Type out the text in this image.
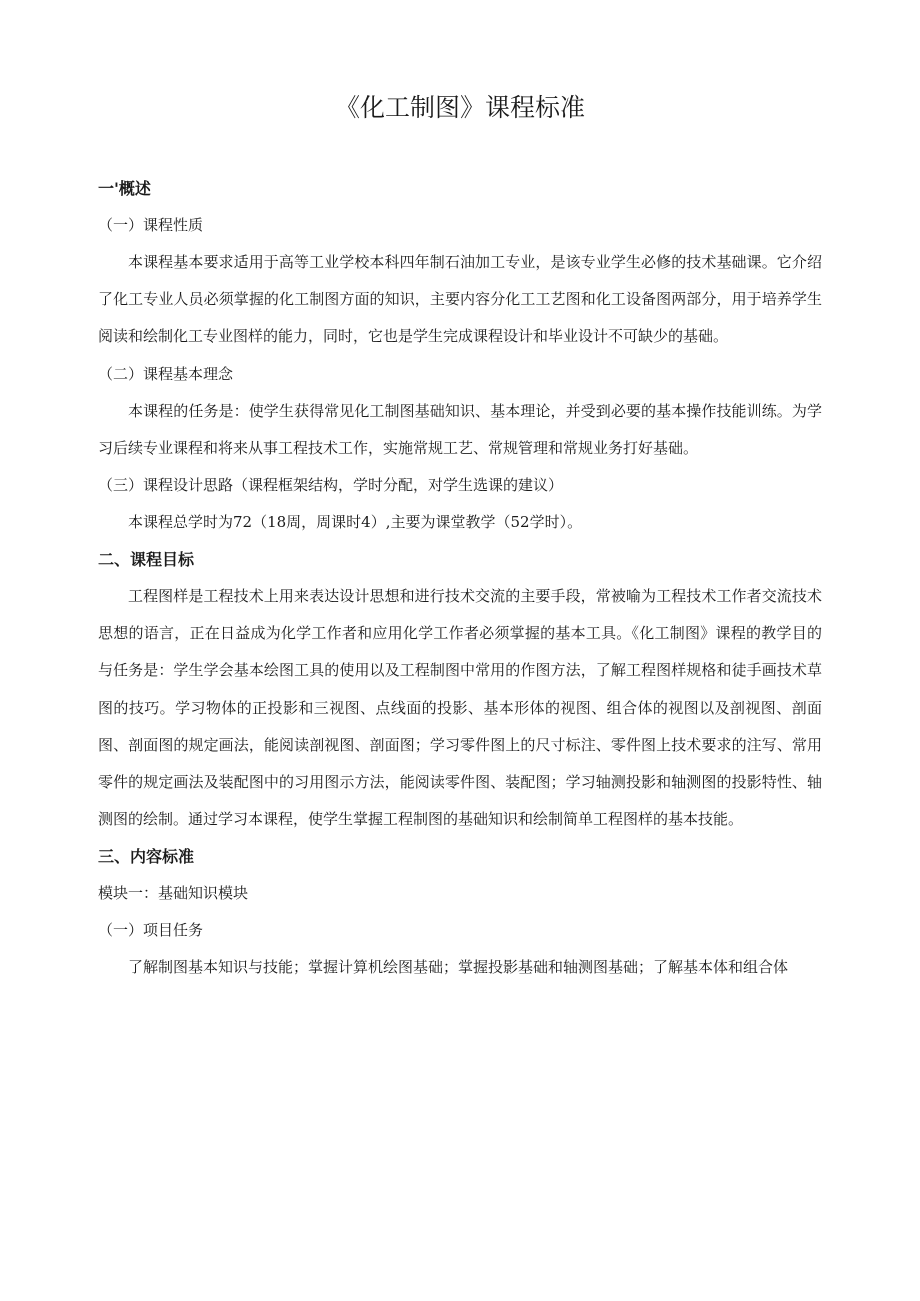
《化工制图》课程标准
一'概述
（一）课程性质

本课程基本要求适用于高等工业学校本科四年制石油加工专业，是该专业学生必修的技术基础课。它介绍了化工专业人员必须掌握的化工制图方面的知识，主要内容分化工工艺图和化工设备图两部分，用于培养学生阅读和绘制化工专业图样的能力，同时，它也是学生完成课程设计和毕业设计不可缺少的基础。

（二）课程基本理念

本课程的任务是：使学生获得常见化工制图基础知识、基本理论，并受到必要的基本操作技能训练。为学习后续专业课程和将来从事工程技术工作，实施常规工艺、常规管理和常规业务打好基础。

（三）课程设计思路（课程框架结构，学时分配，对学生选课的建议）
本课程总学时为72（18周，周课时4）,主要为课堂教学（52学时）。
二、课程目标

工程图样是工程技术上用来表达设计思想和进行技术交流的主要手段，常被喻为工程技术工作者交流技术思想的语言，正在日益成为化学工作者和应用化学工作者必须掌握的基本工具。《化工制图》课程的教学目的与任务是：学生学会基本绘图工具的使用以及工程制图中常用的作图方法，了解工程图样规格和徒手画技术草图的技巧。学习物体的正投影和三视图、点线面的投影、基本形体的视图、组合体的视图以及剖视图、剖面图、剖面图的规定画法，能阅读剖视图、剖面图；学习零件图上的尺寸标注、零件图上技术要求的注写、常用零件的规定画法及装配图中的习用图示方法，能阅读零件图、装配图；学习轴测投影和轴测图的投影特性、轴测图的绘制。通过学习本课程，使学生掌握工程制图的基础知识和绘制简单工程图样的基本技能。

三、内容标准
模块一：基础知识模块
（一）项目任务

了解制图基本知识与技能；掌握计算机绘图基础；掌握投影基础和轴测图基础；了解基本体和组合体
